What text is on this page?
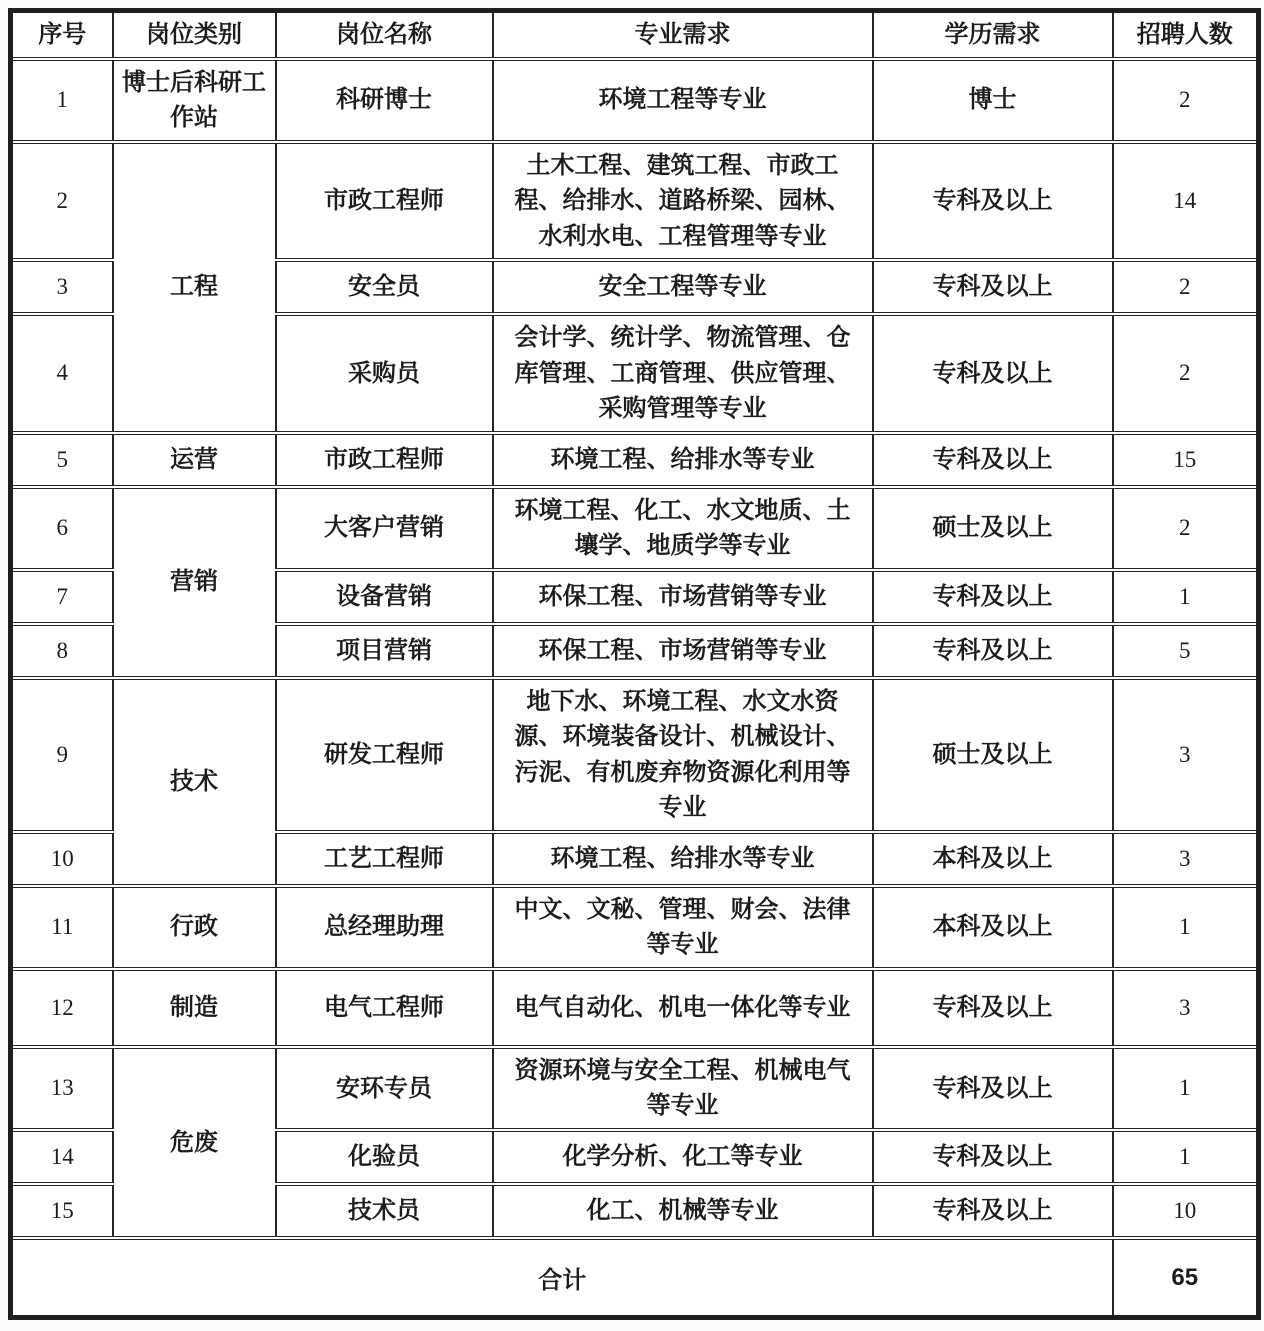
序号	岗位类别	岗位名称	专业需求	学历需求	招聘人数
1	博士后科研工作站	科研博士	环境工程等专业	博士	2
2	工程	市政工程师	土木工程、建筑工程、市政工程、给排水、道路桥梁、园林、水利水电、工程管理等专业	专科及以上	14
3		安全员	安全工程等专业	专科及以上	2
4		采购员	会计学、统计学、物流管理、仓库管理、工商管理、供应管理、采购管理等专业	专科及以上	2
5	运营	市政工程师	环境工程、给排水等专业	专科及以上	15
6	营销	大客户营销	环境工程、化工、水文地质、土壤学、地质学等专业	硕士及以上	2
7		设备营销	环保工程、市场营销等专业	专科及以上	1
8		项目营销	环保工程、市场营销等专业	专科及以上	5
9	技术	研发工程师	地下水、环境工程、水文水资源、环境装备设计、机械设计、污泥、有机废弃物资源化利用等专业	硕士及以上	3
10		工艺工程师	环境工程、给排水等专业	本科及以上	3
11	行政	总经理助理	中文、文秘、管理、财会、法律等专业	本科及以上	1
12	制造	电气工程师	电气自动化、机电一体化等专业	专科及以上	3
13	危废	安环专员	资源环境与安全工程、机械电气等专业	专科及以上	1
14		化验员	化学分析、化工等专业	专科及以上	1
15		技术员	化工、机械等专业	专科及以上	10
合计					65
